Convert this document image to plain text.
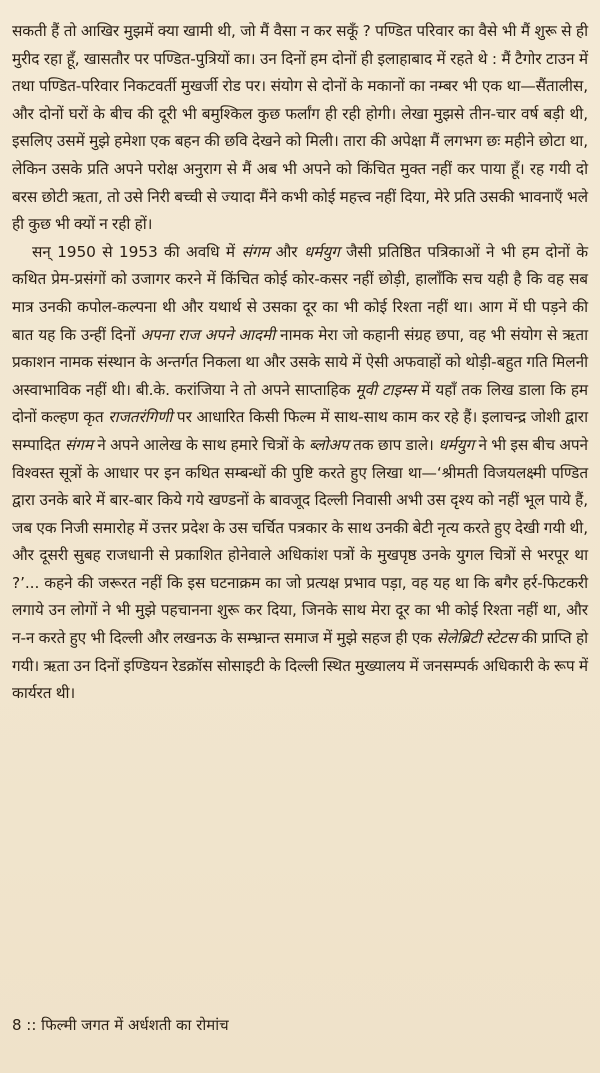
सकती हैं तो आखिर मुझमें क्या खामी थी, जो मैं वैसा न कर सकूँ ? पण्डित परिवार का वैसे भी मैं शुरू से ही मुरीद रहा हूँ, खासतौर पर पण्डित-पुत्रियों का। उन दिनों हम दोनों ही इलाहाबाद में रहते थे : मैं टैगोर टाउन में तथा पण्डित-परिवार निकटवर्ती मुखर्जी रोड पर। संयोग से दोनों के मकानों का नम्बर भी एक था—सैंतालीस, और दोनों घरों के बीच की दूरी भी बमुश्किल कुछ फर्लांग ही रही होगी। लेखा मुझसे तीन-चार वर्ष बड़ी थी, इसलिए उसमें मुझे हमेशा एक बहन की छवि देखने को मिली। तारा की अपेक्षा मैं लगभग छः महीने छोटा था, लेकिन उसके प्रति अपने परोक्ष अनुराग से मैं अब भी अपने को किंचित मुक्त नहीं कर पाया हूँ। रह गयी दो बरस छोटी ऋता, तो उसे निरी बच्ची से ज्यादा मैंने कभी कोई महत्त्व नहीं दिया, मेरे प्रति उसकी भावनाएँ भले ही कुछ भी क्यों न रही हों।

सन् 1950 से 1953 की अवधि में संगम और धर्मयुग जैसी प्रतिष्ठित पत्रिकाओं ने भी हम दोनों के कथित प्रेम-प्रसंगों को उजागर करने में किंचित कोई कोर-कसर नहीं छोड़ी, हालाँकि सच यही है कि वह सब मात्र उनकी कपोल-कल्पना थी और यथार्थ से उसका दूर का भी कोई रिश्ता नहीं था। आग में घी पड़ने की बात यह कि उन्हीं दिनों अपना राज अपने आदमी नामक मेरा जो कहानी संग्रह छपा, वह भी संयोग से ऋता प्रकाशन नामक संस्थान के अन्तर्गत निकला था और उसके साये में ऐसी अफवाहों को थोड़ी-बहुत गति मिलनी अस्वाभाविक नहीं थी। बी.के. करांजिया ने तो अपने साप्ताहिक मूवी टाइम्स में यहाँ तक लिख डाला कि हम दोनों कल्हण कृत राजतरंगिणी पर आधारित किसी फिल्म में साथ-साथ काम कर रहे हैं। इलाचन्द्र जोशी द्वारा सम्पादित संगम ने अपने आलेख के साथ हमारे चित्रों के ब्लोअप तक छाप डाले। धर्मयुग ने भी इस बीच अपने विश्वस्त सूत्रों के आधार पर इन कथित सम्बन्धों की पुष्टि करते हुए लिखा था—‘श्रीमती विजयलक्ष्मी पण्डित द्वारा उनके बारे में बार-बार किये गये खण्डनों के बावजूद दिल्ली निवासी अभी उस दृश्य को नहीं भूल पाये हैं, जब एक निजी समारोह में उत्तर प्रदेश के उस चर्चित पत्रकार के साथ उनकी बेटी नृत्य करते हुए देखी गयी थी, और दूसरी सुबह राजधानी से प्रकाशित होनेवाले अधिकांश पत्रों के मुखपृष्ठ उनके युगल चित्रों से भरपूर था ?’... कहने की जरूरत नहीं कि इस घटनाक्रम का जो प्रत्यक्ष प्रभाव पड़ा, वह यह था कि बगैर हर्र-फिटकरी लगाये उन लोगों ने भी मुझे पहचानना शुरू कर दिया, जिनके साथ मेरा दूर का भी कोई रिश्ता नहीं था, और न-न करते हुए भी दिल्ली और लखनऊ के सम्भ्रान्त समाज में मुझे सहज ही एक सेलेब्रिटी स्टेटस की प्राप्ति हो गयी। ऋता उन दिनों इण्डियन रेडक्रॉस सोसाइटी के दिल्ली स्थित मुख्यालय में जनसम्पर्क अधिकारी के रूप में कार्यरत थी।

8 :: फिल्मी जगत में अर्धशती का रोमांच
